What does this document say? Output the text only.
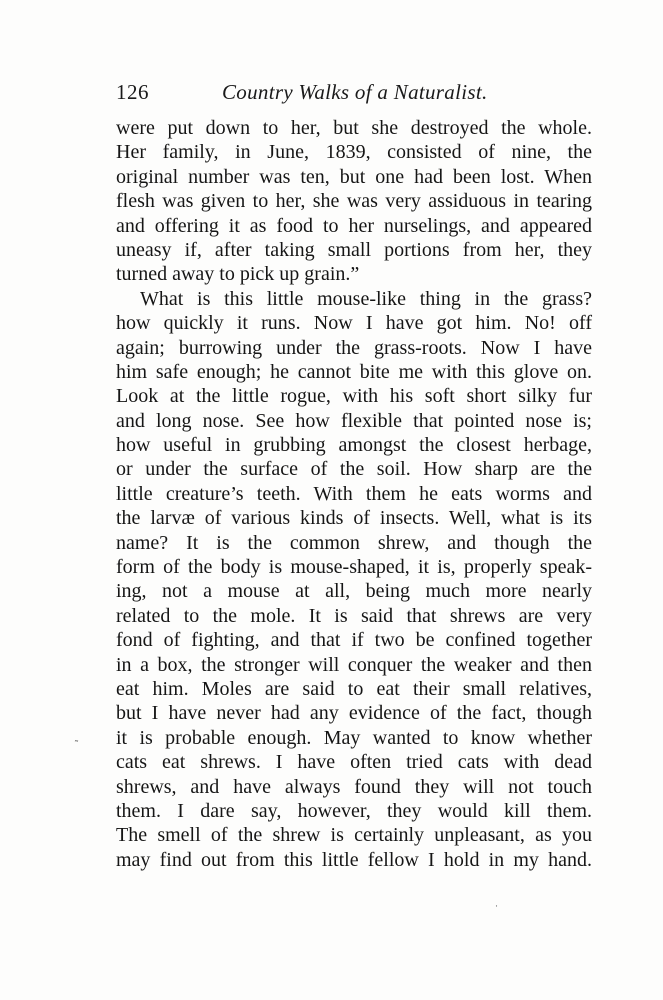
126	Country Walks of a Naturalist.
were put down to her, but she destroyed the whole.
Her family, in June, 1839, consisted of nine, the
original number was ten, but one had been lost. When
flesh was given to her, she was very assiduous in tearing
and offering it as food to her nurselings, and appeared
uneasy if, after taking small portions from her, they
turned away to pick up grain.”
What is this little mouse-like thing in the grass?
how quickly it runs. Now I have got him. No! off
again; burrowing under the grass-roots. Now I have
him safe enough; he cannot bite me with this glove on.
Look at the little rogue, with his soft short silky fur
and long nose. See how flexible that pointed nose is;
how useful in grubbing amongst the closest herbage,
or under the surface of the soil. How sharp are the
little creature’s teeth. With them he eats worms and
the larvæ of various kinds of insects. Well, what is its
name? It is the common shrew, and though the
form of the body is mouse-shaped, it is, properly speak-
ing, not a mouse at all, being much more nearly
related to the mole. It is said that shrews are very
fond of fighting, and that if two be confined together
in a box, the stronger will conquer the weaker and then
eat him. Moles are said to eat their small relatives,
but I have never had any evidence of the fact, though
it is probable enough. May wanted to know whether
cats eat shrews. I have often tried cats with dead
shrews, and have always found they will not touch
them. I dare say, however, they would kill them.
The smell of the shrew is certainly unpleasant, as you
may find out from this little fellow I hold in my hand.
˜
˙
